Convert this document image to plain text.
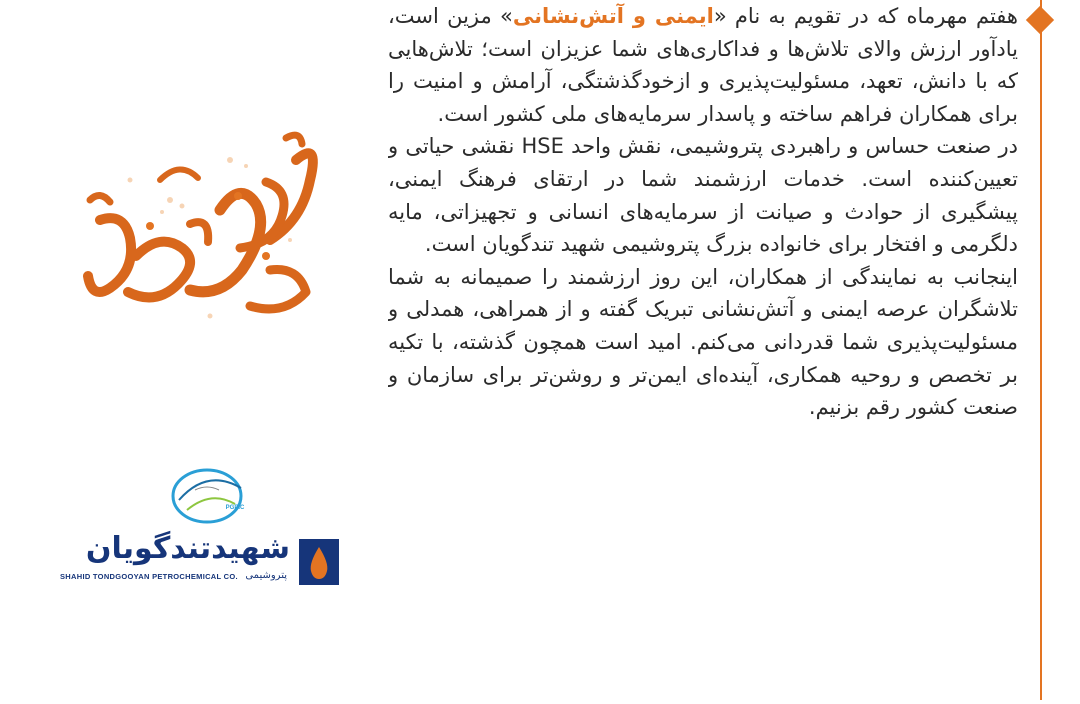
هفتم مهرماه که در تقویم به نام «ایمنی و آتش‌نشانی» مزین است، یادآور ارزش والای تلاش‌ها و فداکاری‌های شما عزیزان است؛ تلاش‌هایی که با دانش، تعهد، مسئولیت‌پذیری و ازخودگذشتگی، آرامش و امنیت را برای همکاران فراهم ساخته و پاسدار سرمایه‌های ملی کشور است.

در صنعت حساس و راهبردی پتروشیمی، نقش واحد HSE نقشی حیاتی و تعیین‌کننده است. خدمات ارزشمند شما در ارتقای فرهنگ ایمنی، پیشگیری از حوادث و صیانت از سرمایه‌های انسانی و تجهیزاتی، مایه دلگرمی و افتخار برای خانواده بزرگ پتروشیمی شهید تندگویان است.

اینجانب به نمایندگی از همکاران، این روز ارزشمند را صمیمانه به شما تلاشگران عرصه ایمنی و آتش‌نشانی تبریک گفته و از همراهی، همدلی و مسئولیت‌پذیری شما قدردانی می‌کنم. امید است همچون گذشته، با تکیه بر تخصص و روحیه همکاری، آینده‌ای ایمن‌تر و روشن‌تر برای سازمان و صنعت کشور رقم بزنیم.

PGPIC
شهیدتندگویان
پتروشیمی
SHAHID TONDGOOYAN PETROCHEMICAL CO.
